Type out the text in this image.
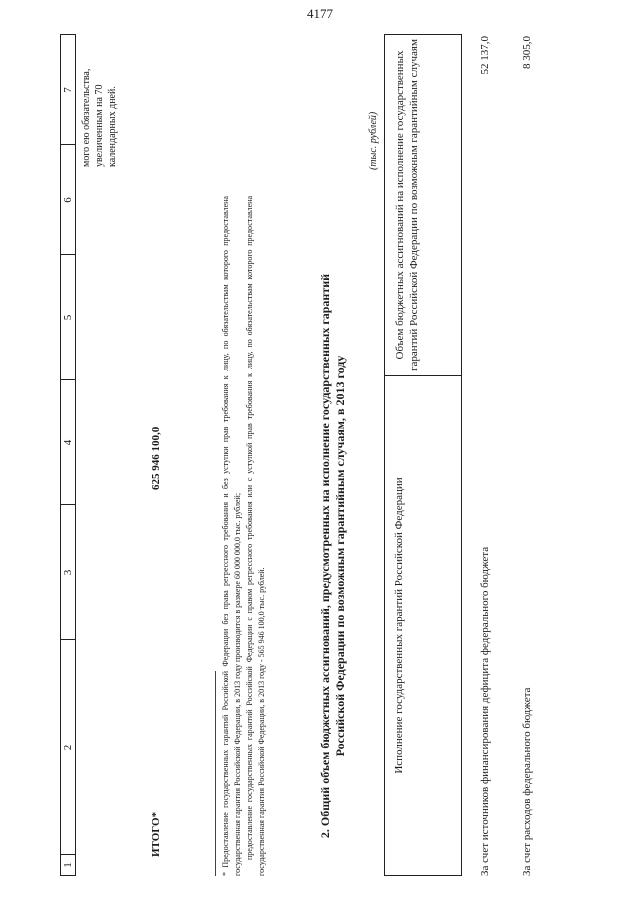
4177
1
2
3
4
5
6
7 мого ею обязательства, увеличенным на 70 календарных дней.
ИТОГО*
625 946 100,0	* Предоставление государственных гарантий Российской Федерации без права регрессного требования и без уступки прав требования к лицу, по обязательствам которого предоставлена государственная гарантия Российской Федерации, в 2013 году производится в размере 60 000 000,0 тыс. рублей; предоставление государственных гарантий Российской Федерации с правом регрессного требования или с уступкой прав требования к лицу, по обязательствам которого предоставлена государственная гарантия Российской Федерации, в 2013 году - 565 946 100,0 тыс. рублей.	2. Общий объем бюджетных ассигнований, предусмотренных на исполнение государственных гарантий Российской Федерации по возможным гарантийным случаям, в 2013 году
(тыс. рублей)
Исполнение государственных гарантий Российской Федерации
Объем бюджетных ассигнований на исполнение государственных гарантий Российской Федерации по возможным гарантийным случаям
За счет источников финансирования дефицита федерального бюджета
52 137,0
За счет расходов федерального бюджета
8 305,0
